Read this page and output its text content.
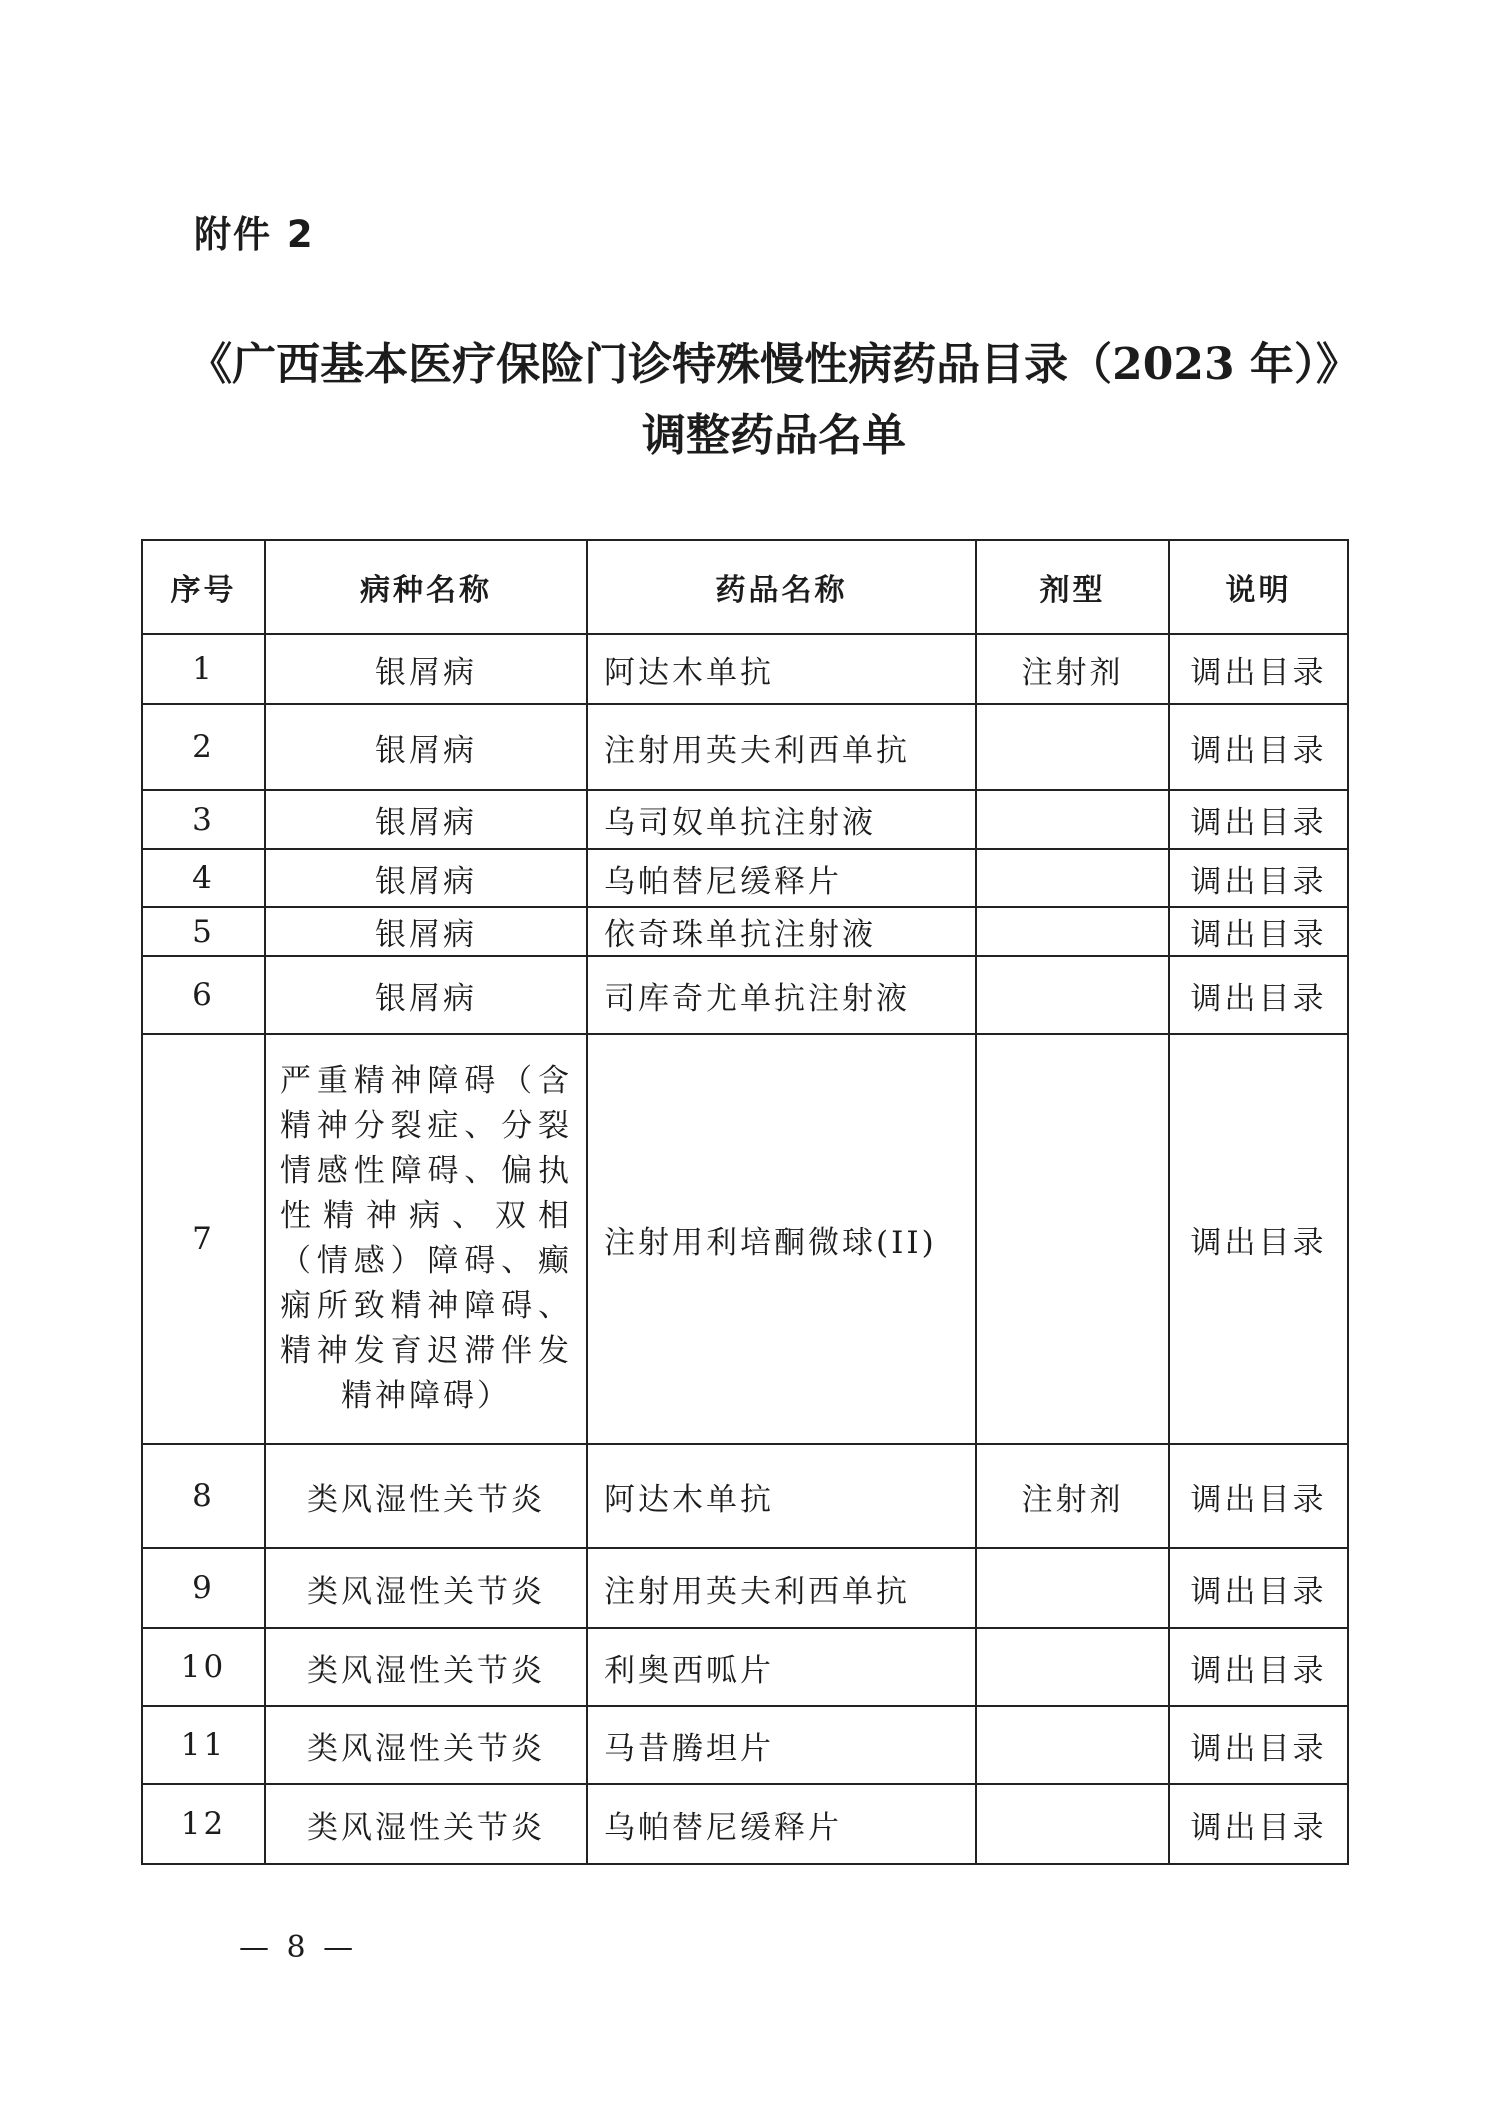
附件 2
《广西基本医疗保险门诊特殊慢性病药品目录（2023 年）》
调整药品名单
序号	病种名称	药品名称	剂型	说明
1	银屑病	阿达木单抗	注射剂	调出目录
2	银屑病	注射用英夫利西单抗		调出目录
3	银屑病	乌司奴单抗注射液		调出目录
4	银屑病	乌帕替尼缓释片		调出目录
5	银屑病	依奇珠单抗注射液		调出目录
6	银屑病	司库奇尤单抗注射液		调出目录
7	严重精神障碍（含精神分裂症、分裂情感性障碍、偏执性精神病、双相（情感）障碍、癫痫所致精神障碍、精神发育迟滞伴发精神障碍）	注射用利培酮微球(II)		调出目录
8	类风湿性关节炎	阿达木单抗	注射剂	调出目录
9	类风湿性关节炎	注射用英夫利西单抗		调出目录
10	类风湿性关节炎	利奥西呱片		调出目录
11	类风湿性关节炎	马昔腾坦片		调出目录
12	类风湿性关节炎	乌帕替尼缓释片		调出目录
— 8 —
